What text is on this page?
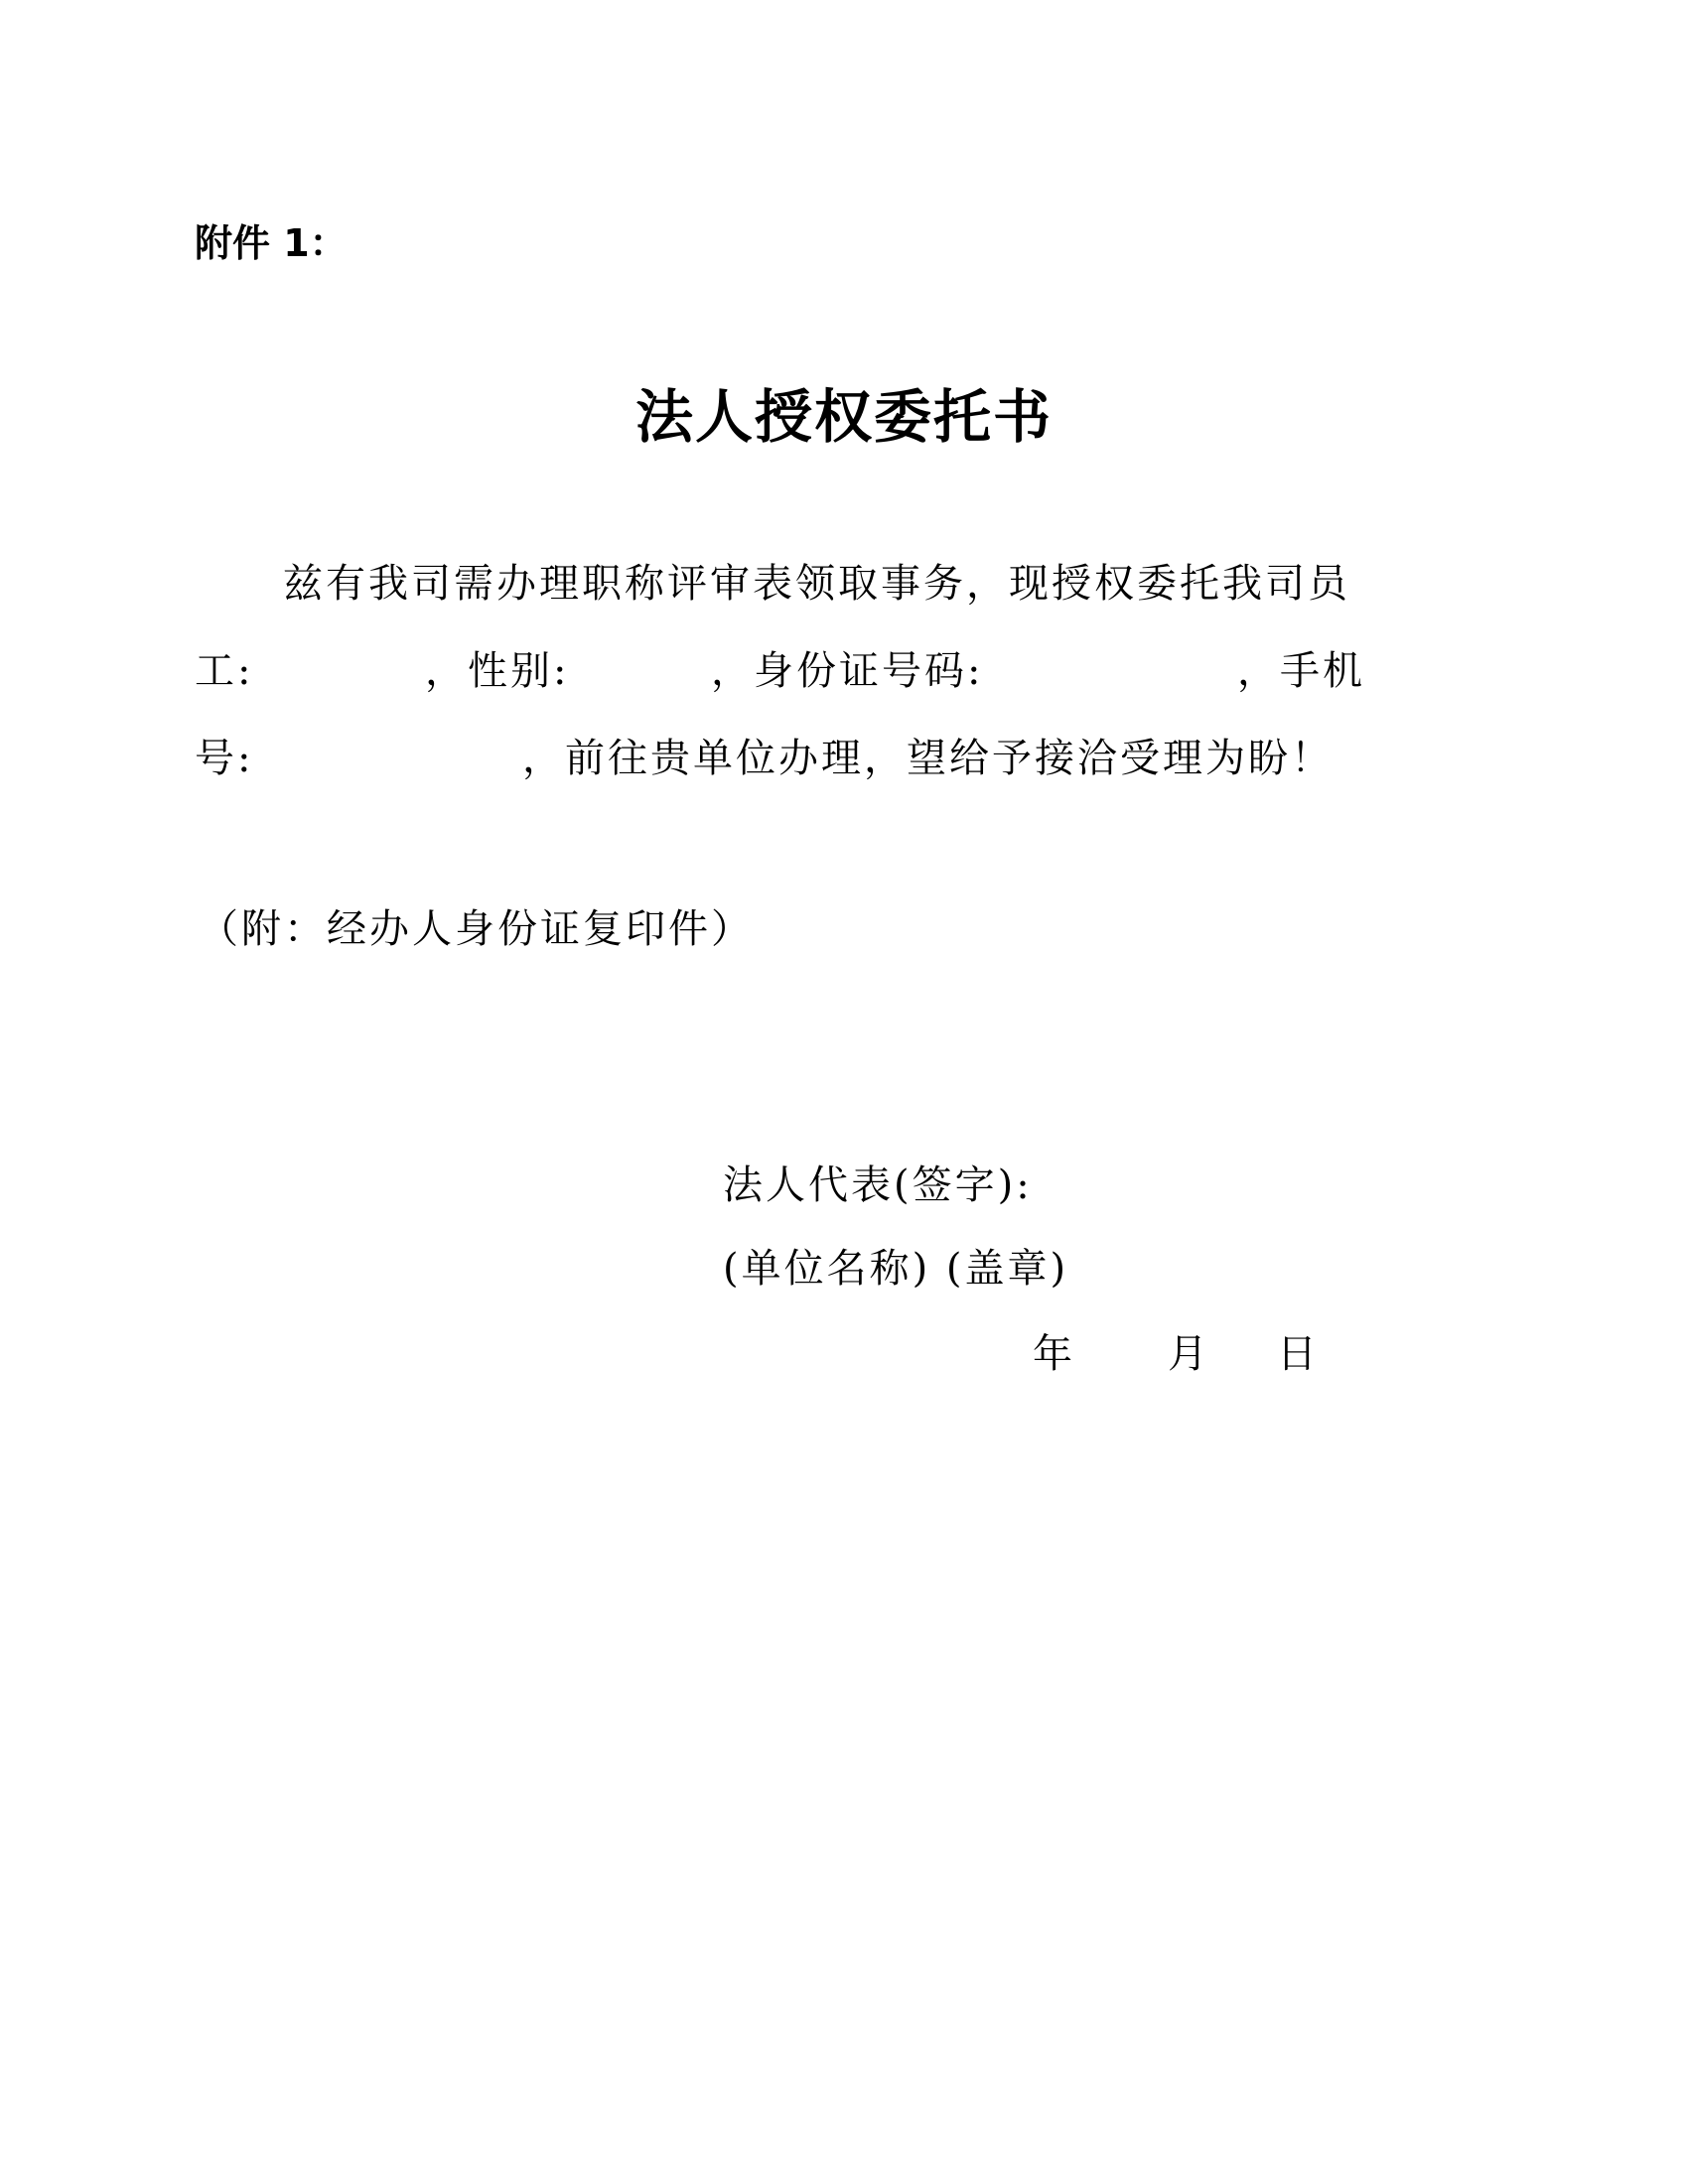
附件 1：
法人授权委托书
兹有我司需办理职称评审表领取事务，现授权委托我司员
工:	，性别:	，身份证号码:	，手机
号:	，前往贵单位办理，望给予接洽受理为盼！
（附：经办人身份证复印件）
法人代表(签字):
(单位名称) (盖章)
年 月 日
